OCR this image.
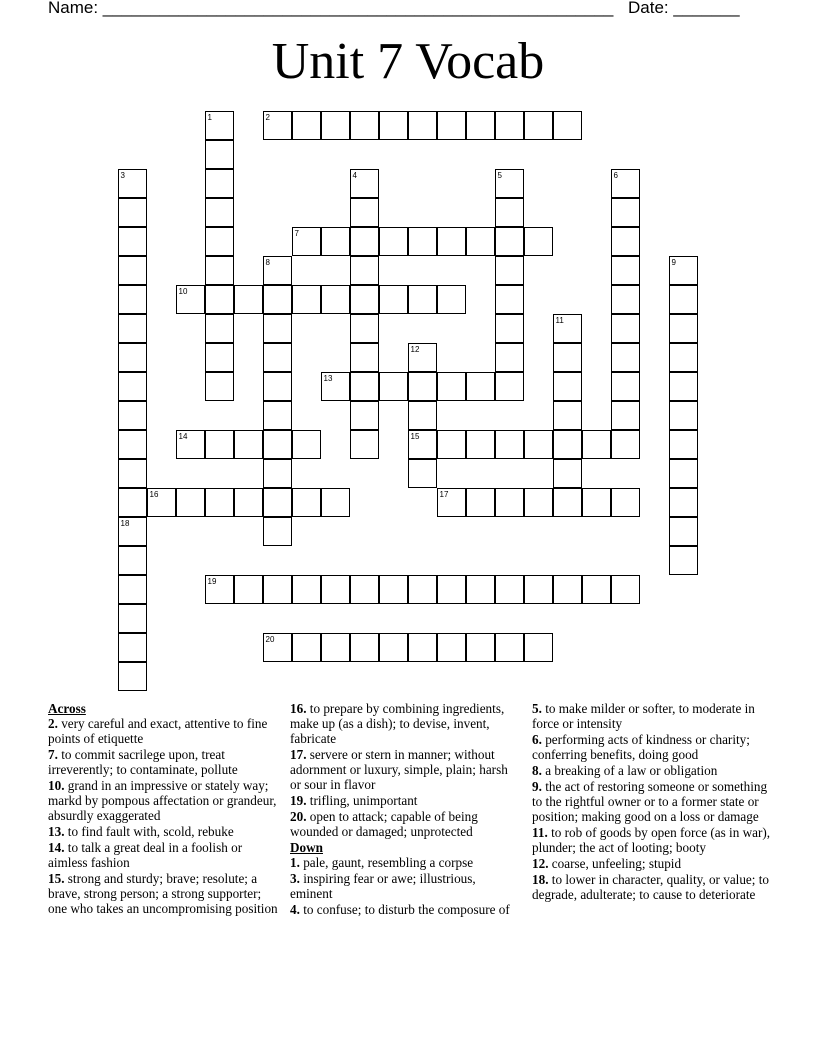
Name: ______________________________________________________ Date: _______
Unit 7 Vocab
1	2
3	4	5	6
7
8	9
10
11
12
15
13
14
16	17
18
19
20
Across
2. very careful and exact, attentive to fine points of etiquette
7. to commit sacrilege upon, treat irreverently; to contaminate, pollute
10. grand in an impressive or stately way; markd by pompous affectation or grandeur, absurdly exaggerated
13. to find fault with, scold, rebuke
14. to talk a great deal in a foolish or aimless fashion
15. strong and sturdy; brave; resolute; a brave, strong person; a strong supporter; one who takes an uncompromising position
16. to prepare by combining ingredients, make up (as a dish); to devise, invent, fabricate
17. servere or stern in manner; without adornment or luxury, simple, plain; harsh or sour in flavor
19. trifling, unimportant
20. open to attack; capable of being wounded or damaged; unprotected
Down
1. pale, gaunt, resembling a corpse
3. inspiring fear or awe; illustrious, eminent
4. to confuse; to disturb the composure of
5. to make milder or softer, to moderate in force or intensity
6. performing acts of kindness or charity; conferring benefits, doing good
8. a breaking of a law or obligation
9. the act of restoring someone or something to the rightful owner or to a former state or position; making good on a loss or damage
11. to rob of goods by open force (as in war), plunder; the act of looting; booty
12. coarse, unfeeling; stupid
18. to lower in character, quality, or value; to degrade, adulterate; to cause to deteriorate
